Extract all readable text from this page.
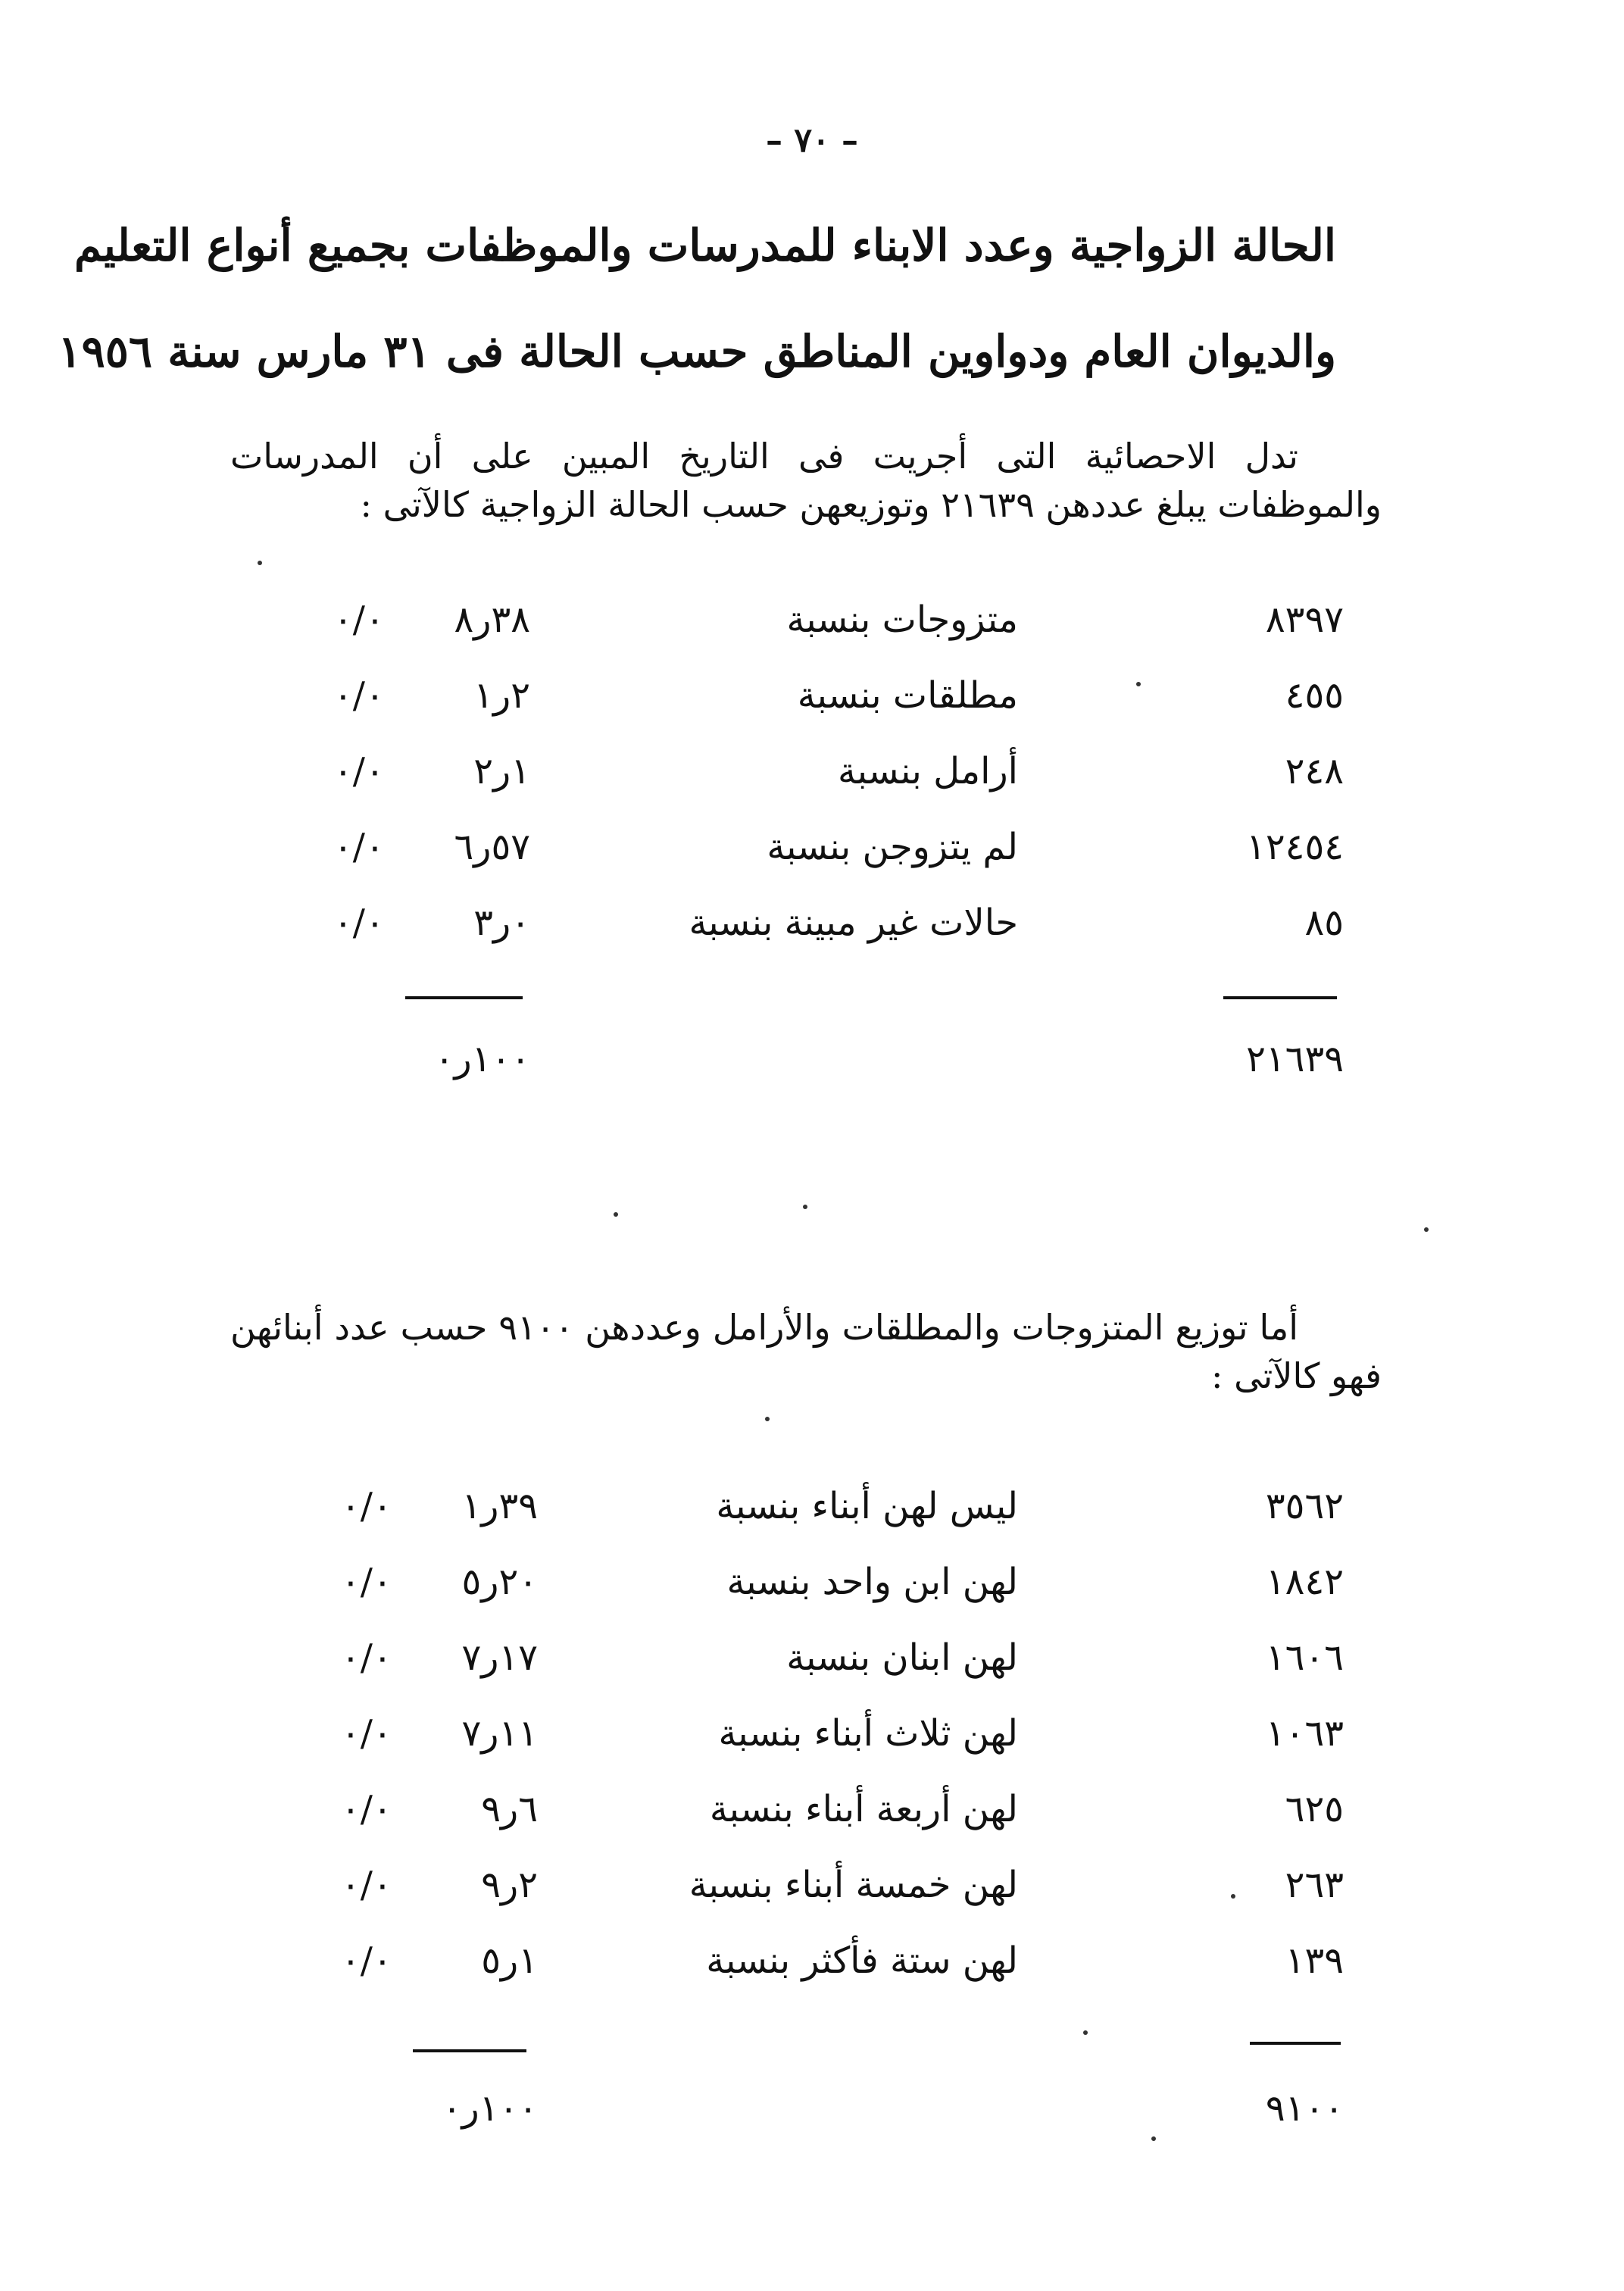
– ٧٠ –
الحالة الزواجية وعدد الابناء للمدرسات والموظفات بجميع أنواع التعليم
والديوان العام ودواوين المناطق حسب الحالة فى ٣١ مارس سنة ١٩٥٦
تدل الاحصائية التى أجريت فى التاريخ المبين على أن المدرسات والموظفات يبلغ عددهن ٢١٦٣٩ وتوزيعهن حسب الحالة الزواجية كالآتى :
٨٣٩٧
متزوجات بنسبة
٣٨ر٨
٠/٠
٤٥٥
مطلقات بنسبة
٢ر١
٠/٠
٢٤٨
أرامل بنسبة
١ر٢
٠/٠
١٢٤٥٤
لم يتزوجن بنسبة
٥٧ر٦
٠/٠
٨٥
حالات غير مبينة بنسبة
٠ر٣
٠/٠
٢١٦٣٩
١٠٠ر٠
أما توزيع المتزوجات والمطلقات والأرامل وعددهن ٩١٠٠ حسب عدد أبنائهن فهو كالآتى :
٣٥٦٢
ليس لهن أبناء بنسبة
٣٩ر١
٠/٠
١٨٤٢
لهن ابن واحد بنسبة
٢٠ر٥
٠/٠
١٦٠٦
لهن ابنان بنسبة
١٧ر٧
٠/٠
١٠٦٣
لهن ثلاث أبناء بنسبة
١١ر٧
٠/٠
٦٢٥
لهن أربعة أبناء بنسبة
٦ر٩
٠/٠
٢٦٣
لهن خمسة أبناء بنسبة
٢ر٩
٠/٠
١٣٩
لهن ستة فأكثر بنسبة
١ر٥
٠/٠
٩١٠٠
١٠٠ر٠
